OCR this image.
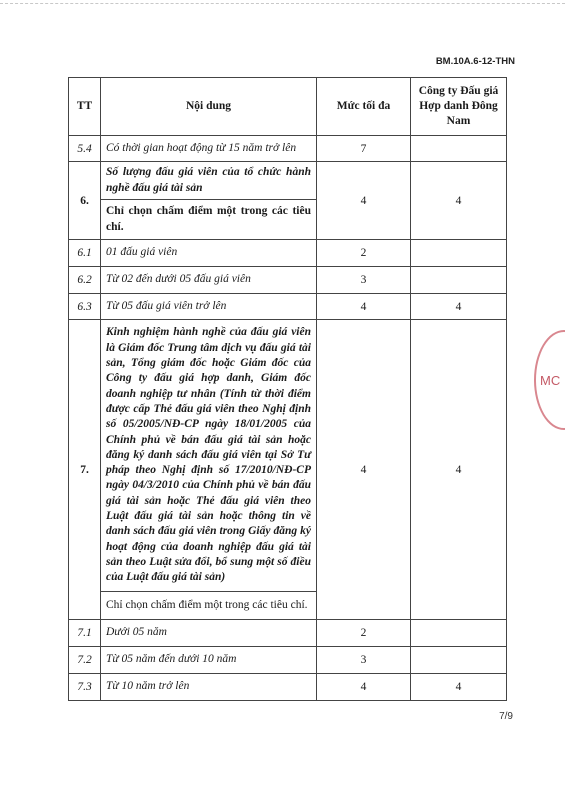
BM.10A.6-12-THN
TT	Nội dung	Mức tối đa	Công ty Đấu giá Hợp danh Đông Nam
5.4	Có thời gian hoạt động từ 15 năm trở lên	7	
6.	Số lượng đấu giá viên của tổ chức hành nghề đấu giá tài sản	4	4
	Chỉ chọn chấm điểm một trong các tiêu chí.		
6.1	01 đấu giá viên	2	
6.2	Từ 02 đến dưới 05 đấu giá viên	3	
6.3	Từ 05 đấu giá viên trở lên	4	4
7.	Kinh nghiệm hành nghề của đấu giá viên là Giám đốc Trung tâm dịch vụ đấu giá tài sản, Tổng giám đốc hoặc Giám đốc của Công ty đấu giá hợp danh, Giám đốc doanh nghiệp tư nhân (Tính từ thời điểm được cấp Thẻ đấu giá viên theo Nghị định số 05/2005/NĐ-CP ngày 18/01/2005 của Chính phủ về bán đấu giá tài sản hoặc đăng ký danh sách đấu giá viên tại Sở Tư pháp theo Nghị định số 17/2010/NĐ-CP ngày 04/3/2010 của Chính phủ về bán đấu giá tài sản hoặc Thẻ đấu giá viên theo Luật đấu giá tài sản hoặc thông tin về danh sách đấu giá viên trong Giấy đăng ký hoạt động của doanh nghiệp đấu giá tài sản theo Luật sửa đổi, bổ sung một số điều của Luật đấu giá tài sản)	4	4
	Chỉ chọn chấm điểm một trong các tiêu chí.		
7.1	Dưới 05 năm	2	
7.2	Từ 05 năm đến dưới 10 năm	3	
7.3	Từ 10 năm trở lên	4	4
7/9
MC
